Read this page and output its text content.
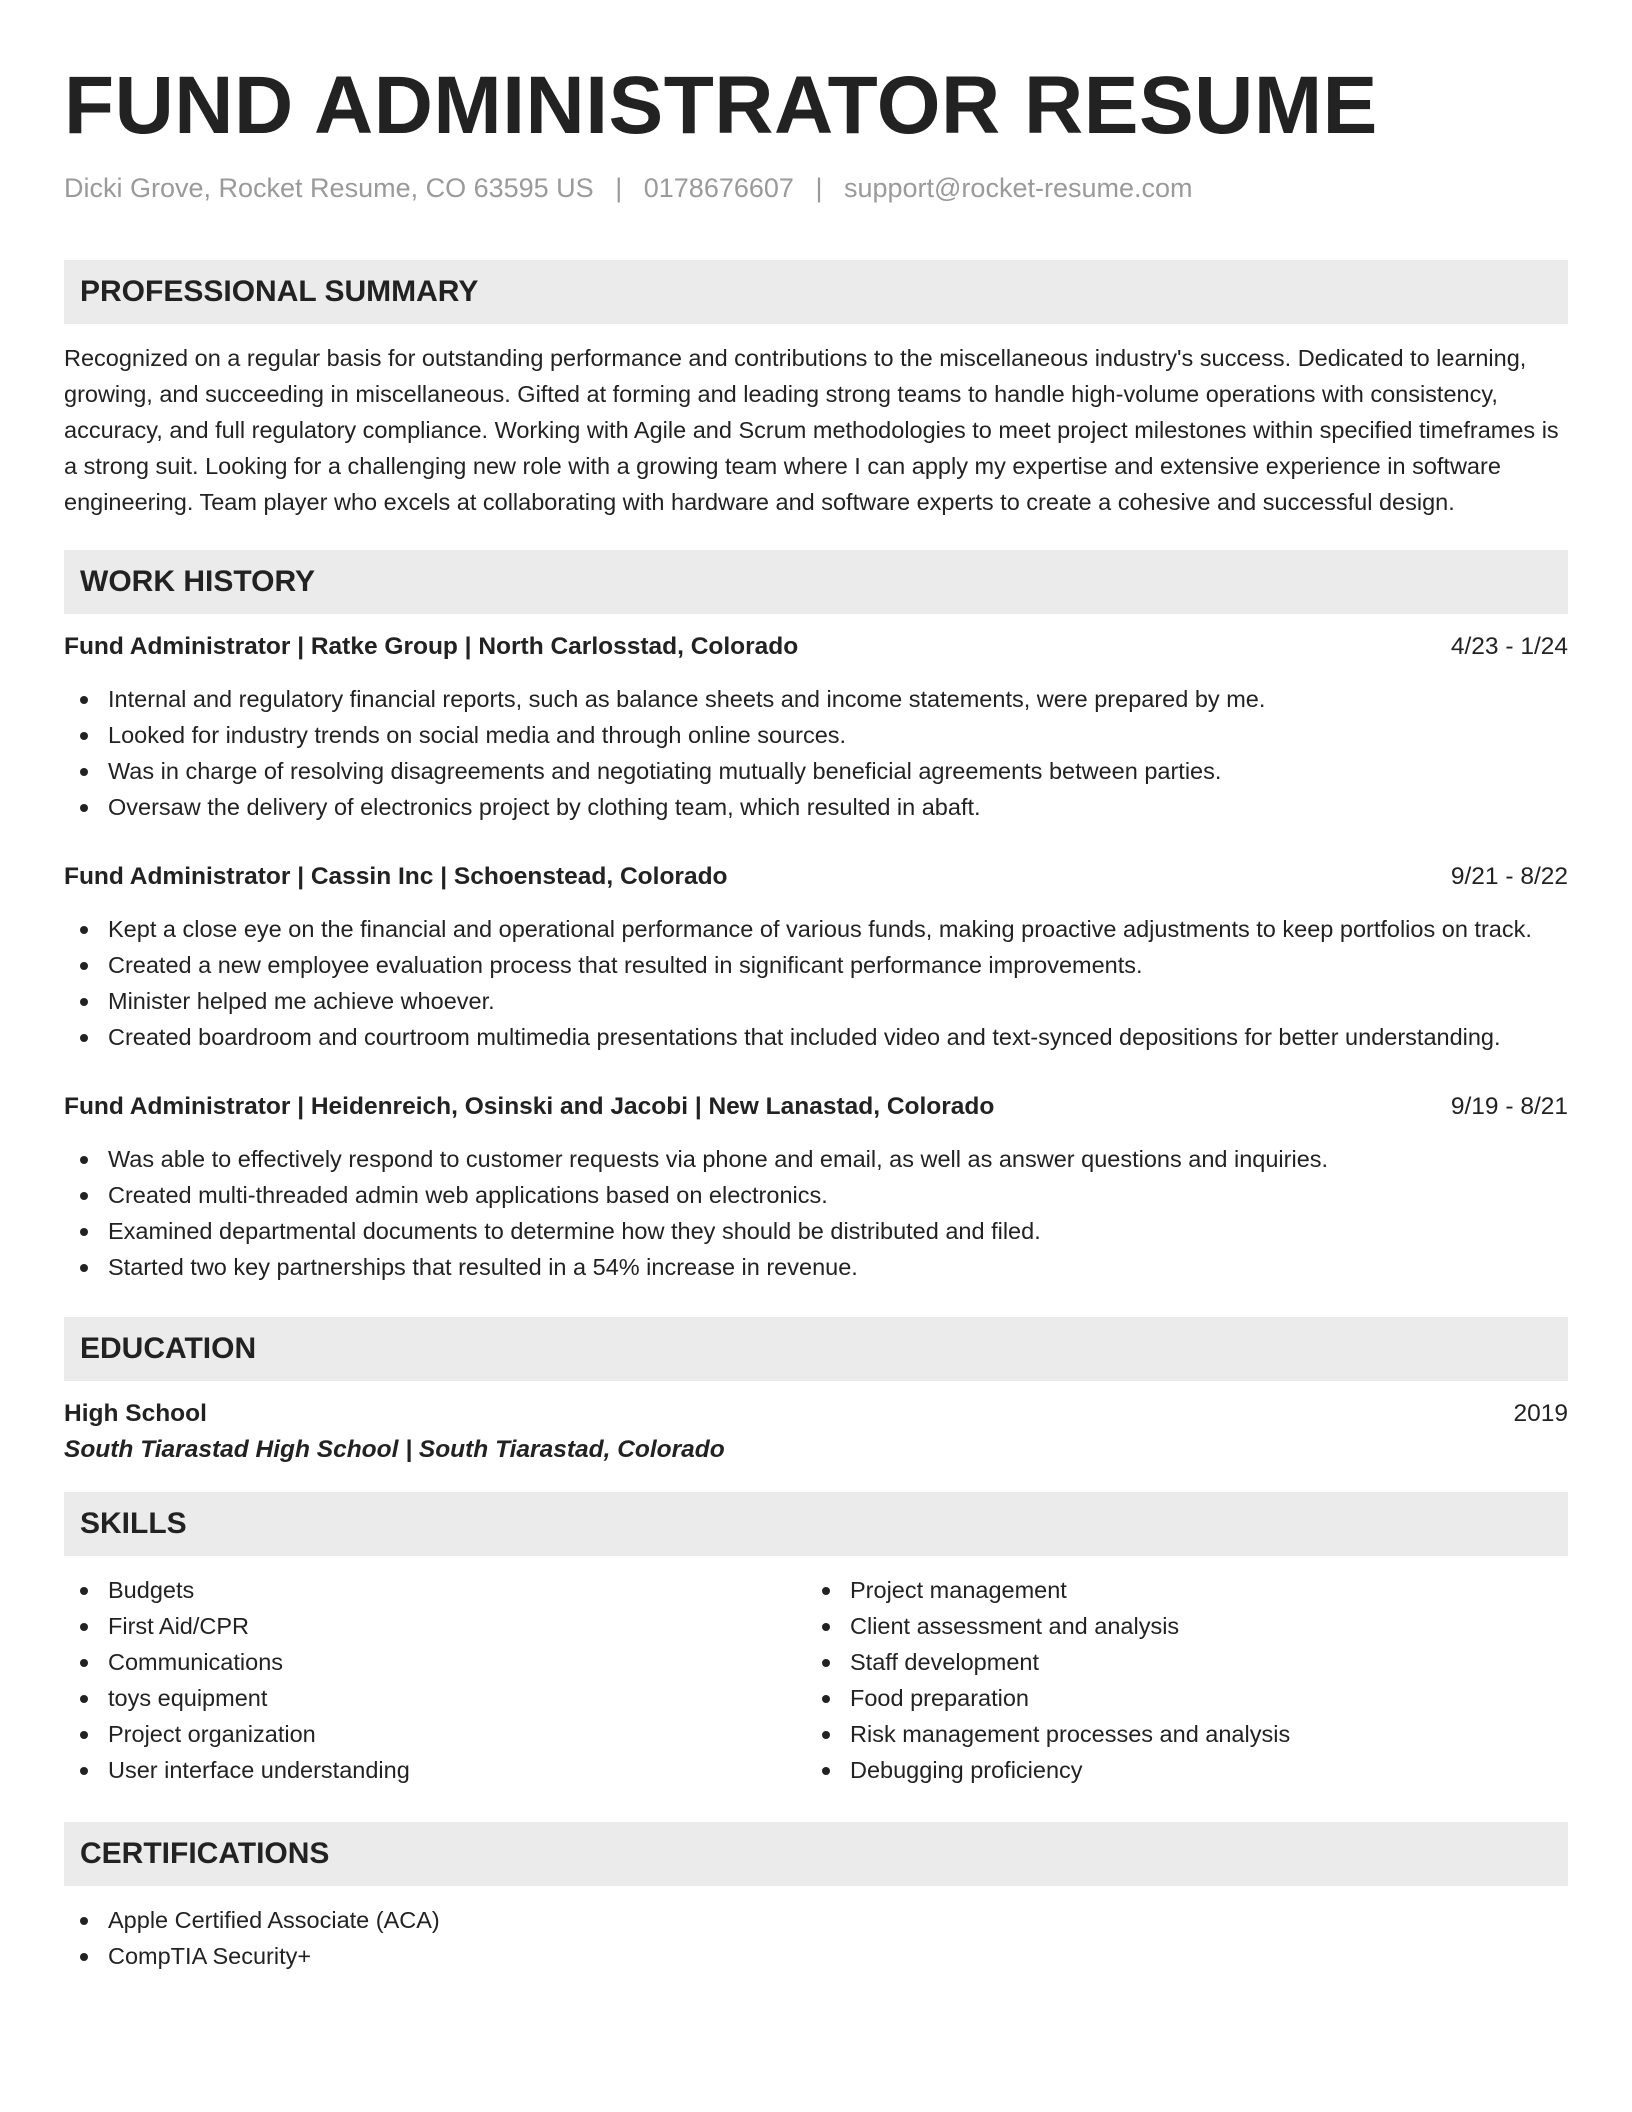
FUND ADMINISTRATOR RESUME
Dicki Grove, Rocket Resume, CO 63595 US | 0178676607 | support@rocket-resume.com
PROFESSIONAL SUMMARY

Recognized on a regular basis for outstanding performance and contributions to the miscellaneous industry's success. Dedicated to learning, growing, and succeeding in miscellaneous. Gifted at forming and leading strong teams to handle high-volume operations with consistency, accuracy, and full regulatory compliance. Working with Agile and Scrum methodologies to meet project milestones within specified timeframes is a strong suit. Looking for a challenging new role with a growing team where I can apply my expertise and extensive experience in software engineering. Team player who excels at collaborating with hardware and software experts to create a cohesive and successful design.

WORK HISTORY
Fund Administrator | Ratke Group | North Carlosstad, Colorado	4/23 - 1/24
Internal and regulatory financial reports, such as balance sheets and income statements, were prepared by me.
Looked for industry trends on social media and through online sources.
Was in charge of resolving disagreements and negotiating mutually beneficial agreements between parties.
Oversaw the delivery of electronics project by clothing team, which resulted in abaft.
Fund Administrator | Cassin Inc | Schoenstead, Colorado	9/21 - 8/22
Kept a close eye on the financial and operational performance of various funds, making proactive adjustments to keep portfolios on track.
Created a new employee evaluation process that resulted in significant performance improvements.
Minister helped me achieve whoever.
Created boardroom and courtroom multimedia presentations that included video and text-synced depositions for better understanding.
Fund Administrator | Heidenreich, Osinski and Jacobi | New Lanastad, Colorado	9/19 - 8/21
Was able to effectively respond to customer requests via phone and email, as well as answer questions and inquiries.
Created multi-threaded admin web applications based on electronics.
Examined departmental documents to determine how they should be distributed and filed.
Started two key partnerships that resulted in a 54% increase in revenue.
EDUCATION
High School	2019
South Tiarastad High School | South Tiarastad, Colorado
SKILLS
Budgets
First Aid/CPR
Communications
toys equipment
Project organization
User interface understanding
Project management
Client assessment and analysis
Staff development
Food preparation
Risk management processes and analysis
Debugging proficiency
CERTIFICATIONS
Apple Certified Associate (ACA)
CompTIA Security+
